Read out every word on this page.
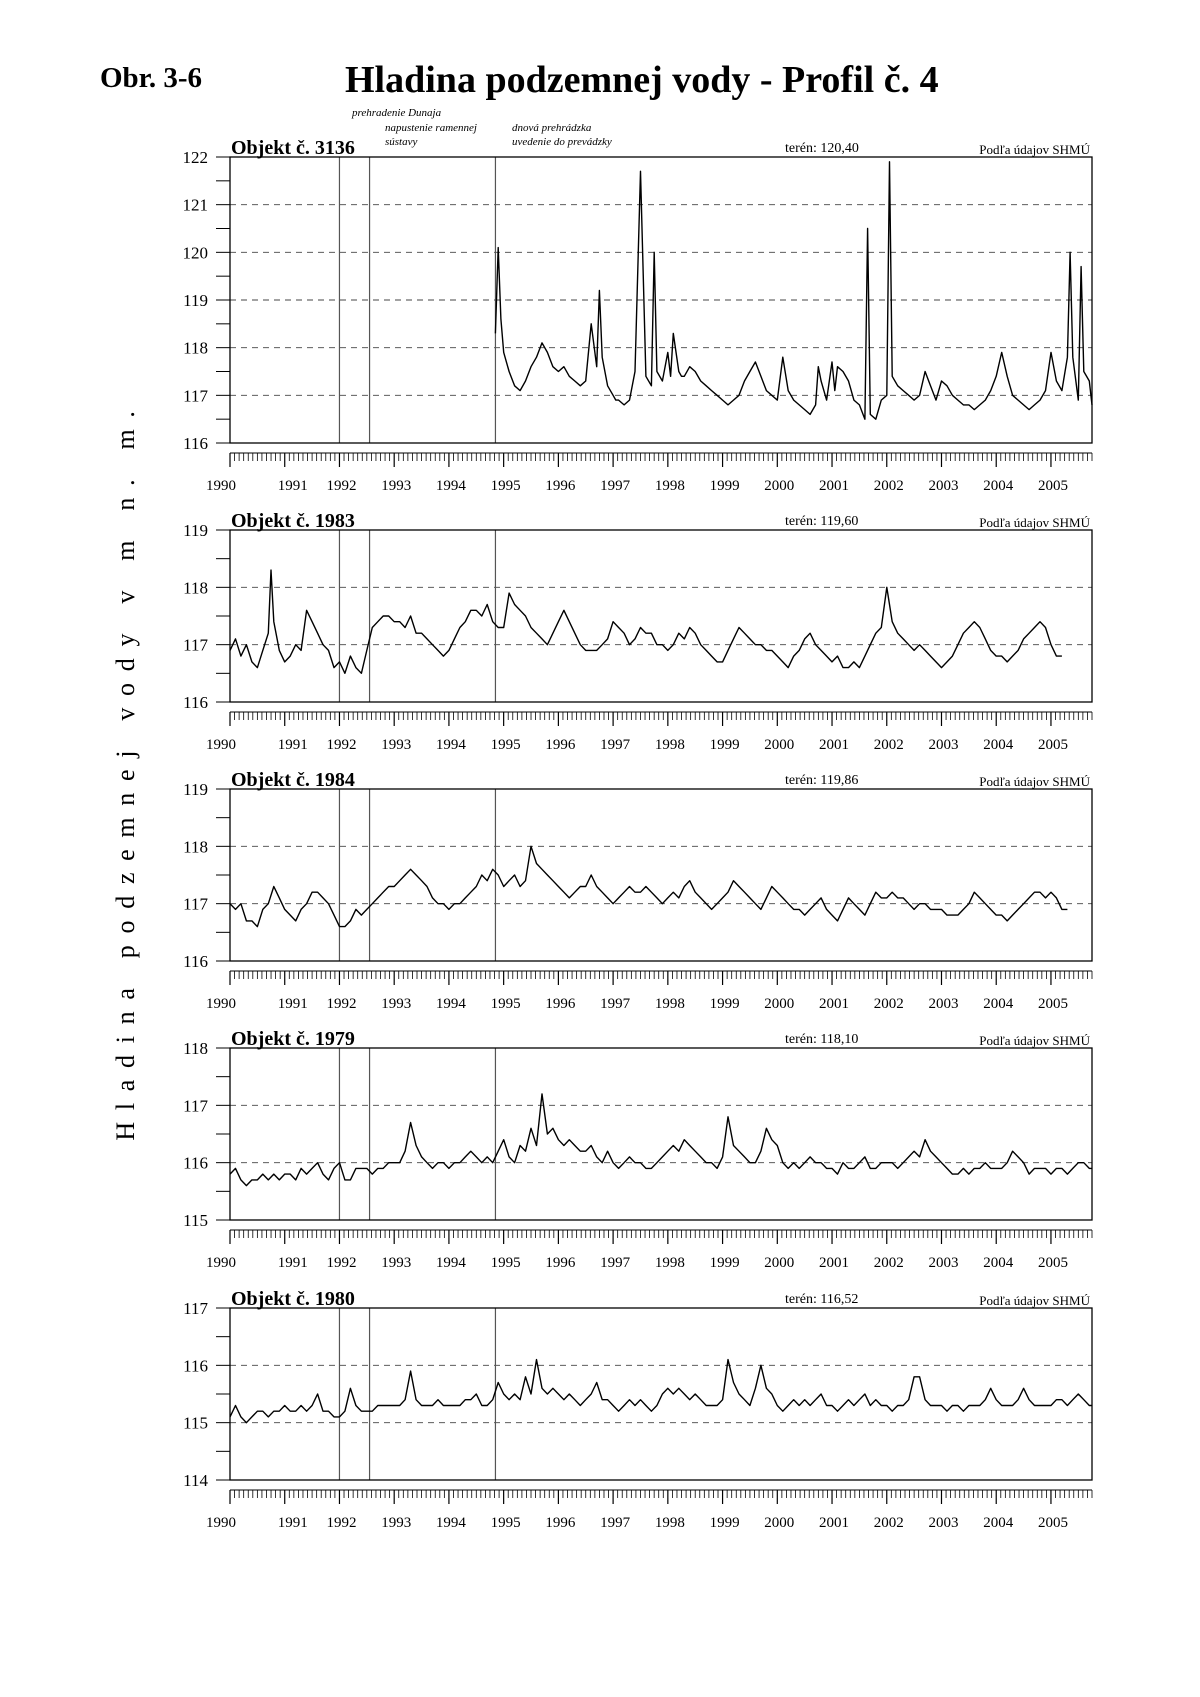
Obr. 3-6	Hladina podzemnej vody - Profil č. 4
Hladina podzemnej vody v m n. m.
prehradenie Dunaja
napustenie ramennej
sústavy
dnová prehrádzka
uvedenie do prevádzky
116
117
118
119
120
121
122
1990	1991 1992 1993 1994 1995 1996 1997 1998 1999 2000 2001 2002 2003 2004 2005
Objekt č. 3136	terén: 120,40	Podľa údajov SHMÚ
116
117
118
119
1990	1991 1992 1993 1994 1995 1996 1997 1998 1999 2000 2001 2002 2003 2004 2005
Objekt č. 1983	terén: 119,60	Podľa údajov SHMÚ
116
117
118
119
1990	1991 1992 1993 1994 1995 1996 1997 1998 1999 2000 2001 2002 2003 2004 2005
Objekt č. 1984	terén: 119,86	Podľa údajov SHMÚ
115
116
117
118
1990	1991 1992 1993 1994 1995 1996 1997 1998 1999 2000 2001 2002 2003 2004 2005
Objekt č. 1979	terén: 118,10	Podľa údajov SHMÚ
114
115
116
117
1990	1991 1992 1993 1994 1995 1996 1997 1998 1999 2000 2001 2002 2003 2004 2005
Objekt č. 1980	terén: 116,52	Podľa údajov SHMÚ
